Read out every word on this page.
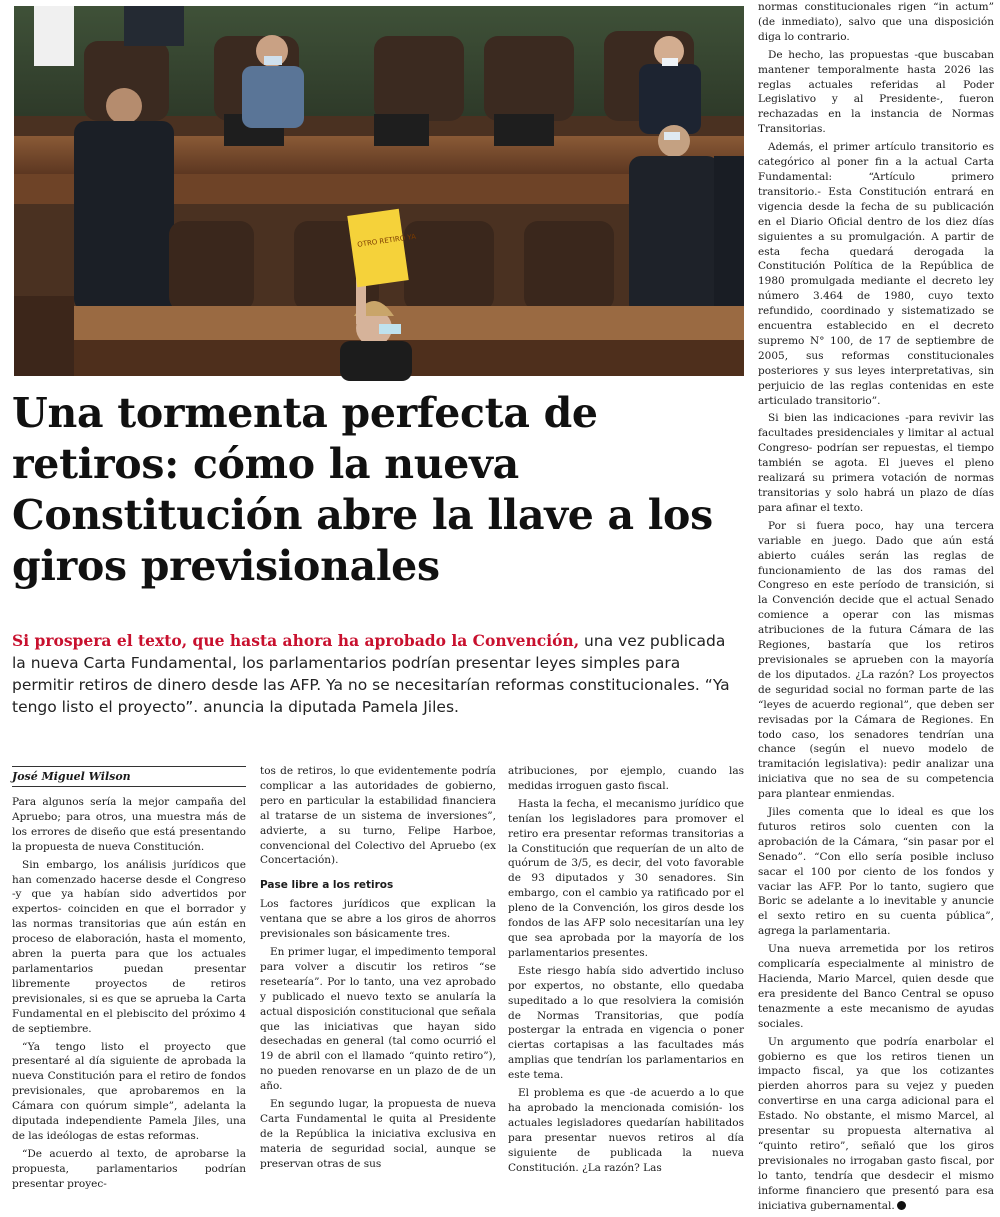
OTRO RETIRO YA
Una tormenta perfecta de retiros: cómo la nueva Constitución abre la llave a los giros previsionales

Si prospera el texto, que hasta ahora ha aprobado la Convención, una vez publicada la nueva Carta Fundamental, los parlamentarios podrían presentar leyes simples para permitir retiros de dinero desde las AFP. Ya no se necesitarían reformas constitucionales. “Ya tengo listo el proyecto”. anuncia la diputada Pamela Jiles.

José Miguel Wilson

Para algunos sería la mejor campaña del Apruebo; para otros, una muestra más de los errores de diseño que está presentando la propuesta de nueva Constitución.

Sin embargo, los análisis jurídicos que han comenzado hacerse desde el Congreso -y que ya habían sido advertidos por expertos- coinciden en que el borrador y las normas transitorias que aún están en proceso de elaboración, hasta el momento, abren la puerta para que los actuales parlamentarios puedan presentar libremente proyectos de retiros previsionales, si es que se aprueba la Carta Fundamental en el plebiscito del próximo 4 de septiembre.

“Ya tengo listo el proyecto que presentaré al día siguiente de aprobada la nueva Constitución para el retiro de fondos previsionales, que aprobaremos en la Cámara con quórum simple”, adelanta la diputada independiente Pamela Jiles, una de las ideólogas de estas reformas.

“De acuerdo al texto, de aprobarse la propuesta, parlamentarios podrían presentar proyec-

tos de retiros, lo que evidentemente podría complicar a las autoridades de gobierno, pero en particular la estabilidad financiera al tratarse de un sistema de inversiones”, advierte, a su turno, Felipe Harboe, convencional del Colectivo del Apruebo (ex Concertación).

Pase libre a los retiros

Los factores jurídicos que explican la ventana que se abre a los giros de ahorros previsionales son básicamente tres.

En primer lugar, el impedimento temporal para volver a discutir los retiros “se resetearía”. Por lo tanto, una vez aprobado y publicado el nuevo texto se anularía la actual disposición constitucional que señala que las iniciativas que hayan sido desechadas en general (tal como ocurrió el 19 de abril con el llamado “quinto retiro”), no pueden renovarse en un plazo de de un año.

En segundo lugar, la propuesta de nueva Carta Fundamental le quita al Presidente de la República la iniciativa exclusiva en materia de seguridad social, aunque se preservan otras de sus

atribuciones, por ejemplo, cuando las medidas irroguen gasto fiscal.

Hasta la fecha, el mecanismo jurídico que tenían los legisladores para promover el retiro era presentar reformas transitorias a la Constitución que requerían de un alto de quórum de 3/5, es decir, del voto favorable de 93 diputados y 30 senadores. Sin embargo, con el cambio ya ratificado por el pleno de la Convención, los giros desde los fondos de las AFP solo necesitarían una ley que sea aprobada por la mayoría de los parlamentarios presentes.

Este riesgo había sido advertido incluso por expertos, no obstante, ello quedaba supeditado a lo que resolviera la comisión de Normas Transitorias, que podía postergar la entrada en vigencia o poner ciertas cortapisas a las facultades más amplias que tendrían los parlamentarios en este tema.

El problema es que -de acuerdo a lo que ha aprobado la mencionada comisión- los actuales legisladores quedarían habilitados para presentar nuevos retiros al día siguiente de publicada la nueva Constitución. ¿La razón? Las

normas constitucionales rigen “in actum” (de inmediato), salvo que una disposición diga lo contrario.

De hecho, las propuestas -que buscaban mantener temporalmente hasta 2026 las reglas actuales referidas al Poder Legislativo y al Presidente-, fueron rechazadas en la instancia de Normas Transitorias.

Además, el primer artículo transitorio es categórico al poner fin a la actual Carta Fundamental: “Artículo primero transitorio.- Esta Constitución entrará en vigencia desde la fecha de su publicación en el Diario Oficial dentro de los diez días siguientes a su promulgación. A partir de esta fecha quedará derogada la Constitución Política de la República de 1980 promulgada mediante el decreto ley número 3.464 de 1980, cuyo texto refundido, coordinado y sistematizado se encuentra establecido en el decreto supremo N° 100, de 17 de septiembre de 2005, sus reformas constitucionales posteriores y sus leyes interpretativas, sin perjuicio de las reglas contenidas en este articulado transitorio”.

Si bien las indicaciones -para revivir las facultades presidenciales y limitar al actual Congreso- podrían ser repuestas, el tiempo también se agota. El jueves el pleno realizará su primera votación de normas transitorias y solo habrá un plazo de días para afinar el texto.

Por si fuera poco, hay una tercera variable en juego. Dado que aún está abierto cuáles serán las reglas de funcionamiento de las dos ramas del Congreso en este período de transición, si la Convención decide que el actual Senado comience a operar con las mismas atribuciones de la futura Cámara de las Regiones, bastaría que los retiros previsionales se aprueben con la mayoría de los diputados. ¿La razón? Los proyectos de seguridad social no forman parte de las “leyes de acuerdo regional”, que deben ser revisadas por la Cámara de Regiones. En todo caso, los senadores tendrían una chance (según el nuevo modelo de tramitación legislativa): pedir analizar una iniciativa que no sea de su competencia para plantear enmiendas.

Jiles comenta que lo ideal es que los futuros retiros solo cuenten con la aprobación de la Cámara, “sin pasar por el Senado”. “Con ello sería posible incluso sacar el 100 por ciento de los fondos y vaciar las AFP. Por lo tanto, sugiero que Boric se adelante a lo inevitable y anuncie el sexto retiro en su cuenta pública”, agrega la parlamentaria.

Una nueva arremetida por los retiros complicaría especialmente al ministro de Hacienda, Mario Marcel, quien desde que era presidente del Banco Central se opuso tenazmente a este mecanismo de ayudas sociales.

Un argumento que podría enarbolar el gobierno es que los retiros tienen un impacto fiscal, ya que los cotizantes pierden ahorros para su vejez y pueden convertirse en una carga adicional para el Estado. No obstante, el mismo Marcel, al presentar su propuesta alternativa al “quinto retiro”, señaló que los giros previsionales no irrogaban gasto fiscal, por lo tanto, tendría que desdecir el mismo informe financiero que presentó para esa iniciativa gubernamental.
